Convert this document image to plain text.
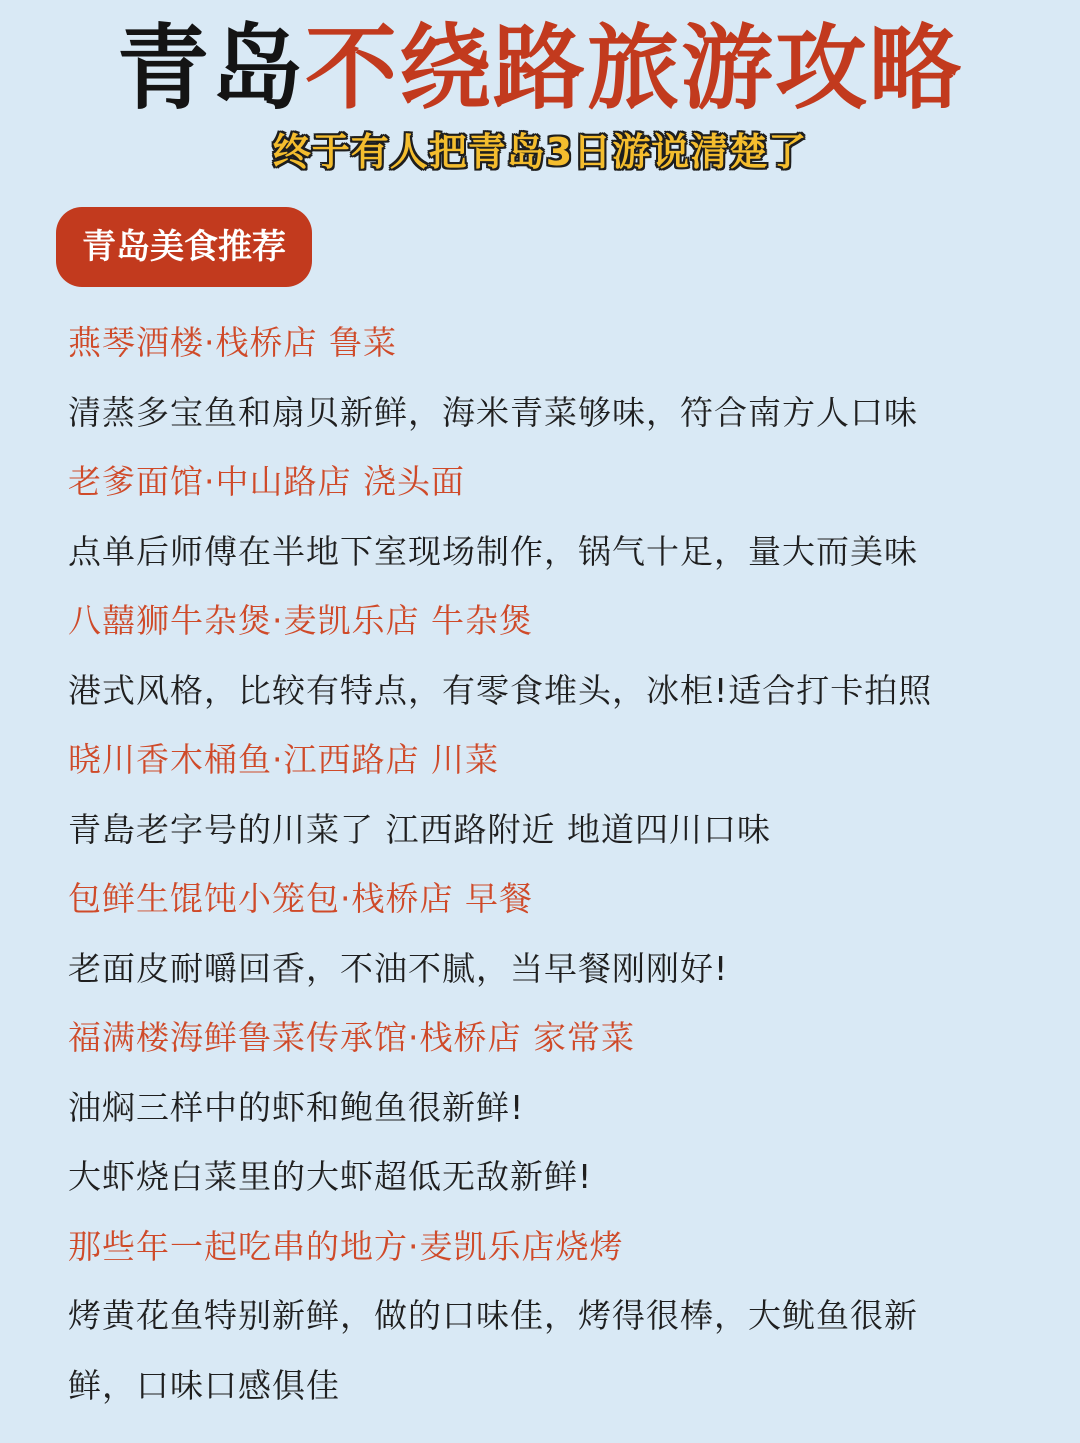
青岛不绕路旅游攻略
终于有人把青岛3日游说清楚了
青岛美食推荐
燕琴酒楼·栈桥店 鲁菜
清蒸多宝鱼和扇贝新鲜，海米青菜够味，符合南方人口味
老爹面馆·中山路店 浇头面
点单后师傅在半地下室现场制作，锅气十足，量大而美味
八囍狮牛杂煲·麦凯乐店 牛杂煲
港式风格，比较有特点，有零食堆头，冰柜!适合打卡拍照
晓川香木桶鱼·江西路店 川菜
青島老字号的川菜了 江西路附近 地道四川口味
包鲜生馄饨小笼包·栈桥店 早餐
老面皮耐嚼回香，不油不腻，当早餐刚刚好!
福满楼海鲜鲁菜传承馆·栈桥店 家常菜
油焖三样中的虾和鲍鱼很新鲜!
大虾烧白菜里的大虾超低无敌新鲜!
那些年一起吃串的地方·麦凯乐店烧烤
烤黄花鱼特别新鲜，做的口味佳，烤得很棒，大鱿鱼很新
鲜，口味口感俱佳
